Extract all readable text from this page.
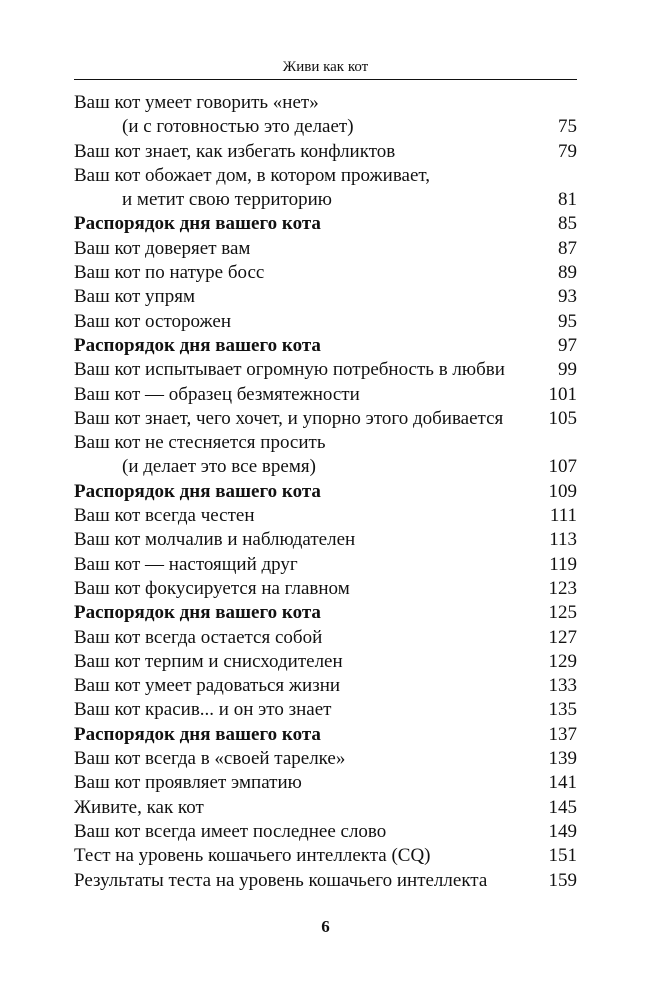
Живи как кот
Ваш кот умеет говорить «нет»
(и с готовностью это делает)	75
Ваш кот знает, как избегать конфликтов	79
Ваш кот обожает дом, в котором проживает,
и метит свою территорию	81
Распорядок дня вашего кота	85
Ваш кот доверяет вам	87
Ваш кот по натуре босс	89
Ваш кот упрям	93
Ваш кот осторожен	95
Распорядок дня вашего кота	97
Ваш кот испытывает огромную потребность в любви	99
Ваш кот — образец безмятежности	101
Ваш кот знает, чего хочет, и упорно этого добивается 105
Ваш кот не стесняется просить
(и делает это все время)	107
Распорядок дня вашего кота	109
Ваш кот всегда честен	111
Ваш кот молчалив и наблюдателен	113
Ваш кот — настоящий друг	119
Ваш кот фокусируется на главном	123
Распорядок дня вашего кота	125
Ваш кот всегда остается собой	127
Ваш кот терпим и снисходителен	129
Ваш кот умеет радоваться жизни	133
Ваш кот красив... и он это знает	135
Распорядок дня вашего кота	137
Ваш кот всегда в «своей тарелке»	139
Ваш кот проявляет эмпатию	141
Живите, как кот	145
Ваш кот всегда имеет последнее слово	149
Тест на уровень кошачьего интеллекта (CQ)	151
Результаты теста на уровень кошачьего интеллекта	159
6
